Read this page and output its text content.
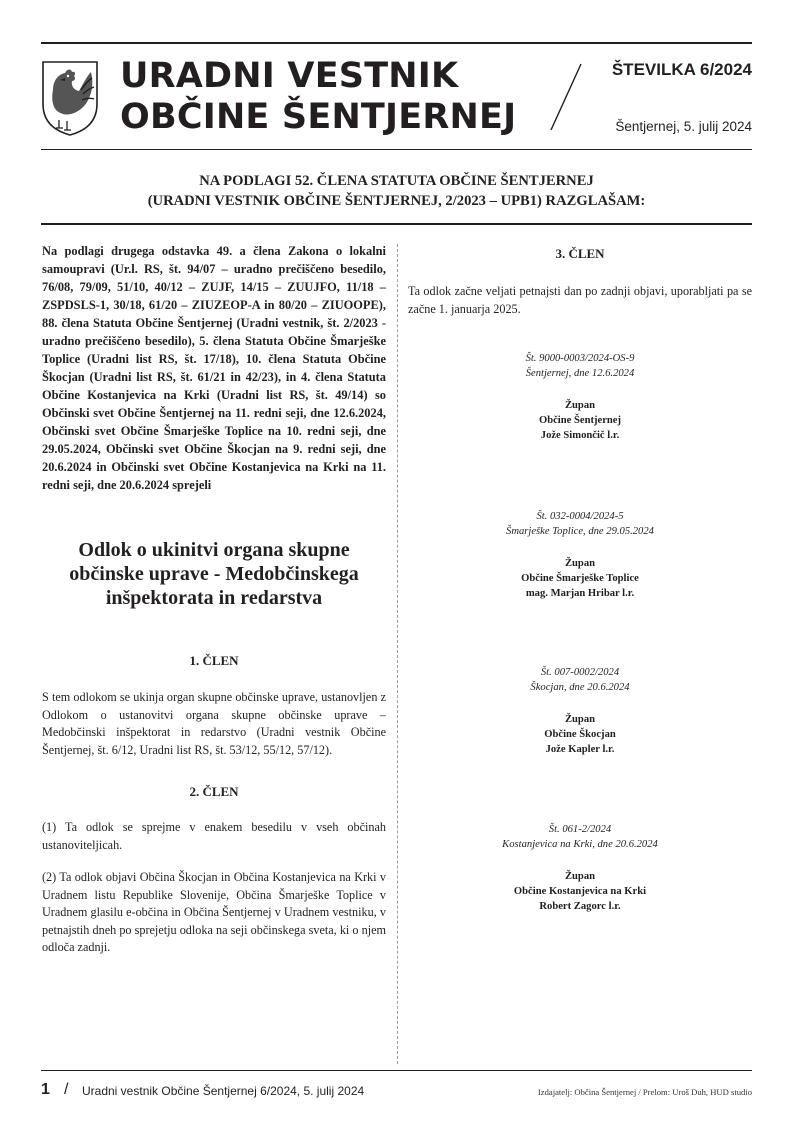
URADNI VESTNIK
OBČINE ŠENTJERNEJ
ŠTEVILKA 6/2024
Šentjernej, 5. julij 2024
NA PODLAGI 52. ČLENA STATUTA OBČINE ŠENTJERNEJ
(URADNI VESTNIK OBČINE ŠENTJERNEJ, 2/2023 – UPB1) RAZGLAŠAM:

Na podlagi drugega odstavka 49. a člena Zakona o lokalni samoupravi (Ur.l. RS, št. 94/07 – uradno prečiščeno besedilo, 76/08, 79/09, 51/10, 40/12 – ZUJF, 14/15 – ZUUJFO, 11/18 – ZSPDSLS-1, 30/18, 61/20 – ZIUZEOP-A in 80/20 – ZIUOOPE), 88. člena Statuta Občine Šentjernej (Uradni vestnik, št. 2/2023 - uradno prečiščeno besedilo), 5. člena Statuta Občine Šmarješke Toplice (Uradni list RS, št. 17/18), 10. člena Statuta Občine Škocjan (Uradni list RS, št. 61/21 in 42/23), in 4. člena Statuta Občine Kostanjevica na Krki (Uradni list RS, št. 49/14) so Občinski svet Občine Šentjernej na 11. redni seji, dne 12.6.2024, Občinski svet Občine Šmarješke Toplice na 10. redni seji, dne 29.05.2024, Občinski svet Občine Škocjan na 9. redni seji, dne 20.6.2024 in Občinski svet Občine Kostanjevica na Krki na 11. redni seji, dne 20.6.2024 sprejeli

Odlok o ukinitvi organa skupne občinske uprave - Medobčinskega inšpektorata in redarstva
1. ČLEN

S tem odlokom se ukinja organ skupne občinske uprave, ustanovljen z Odlokom o ustanovitvi organa skupne občinske uprave – Medobčinski inšpektorat in redarstvo (Uradni vestnik Občine Šentjernej, št. 6/12, Uradni list RS, št. 53/12, 55/12, 57/12).

2. ČLEN

(1) Ta odlok se sprejme v enakem besedilu v vseh občinah ustanoviteljicah.

(2) Ta odlok objavi Občina Škocjan in Občina Kostanjevica na Krki v Uradnem listu Republike Slovenije, Občina Šmarješke Toplice v Uradnem glasilu e-občina in Občina Šentjernej v Uradnem vestniku, v petnajstih dneh po sprejetju odloka na seji občinskega sveta, ki o njem odloča zadnji.

3. ČLEN

Ta odlok začne veljati petnajsti dan po zadnji objavi, uporabljati pa se začne 1. januarja 2025.

Št. 9000-0003/2024-OS-9
Šentjernej, dne 12.6.2024
Župan
Občine Šentjernej
Jože Simončič l.r.
Št. 032-0004/2024-5
Šmarješke Toplice, dne 29.05.2024
Župan
Občine Šmarješke Toplice
mag. Marjan Hribar l.r.
Št. 007-0002/2024
Škocjan, dne 20.6.2024
Župan
Občine Škocjan
Jože Kapler l.r.
Št. 061-2/2024
Kostanjevica na Krki, dne 20.6.2024
Župan
Občine Kostanjevica na Krki
Robert Zagorc l.r.
1 / Uradni vestnik Občine Šentjernej 6/2024, 5. julij 2024	Izdajatelj: Občina Šentjernej / Prelom: Uroš Duh, HUD studio
